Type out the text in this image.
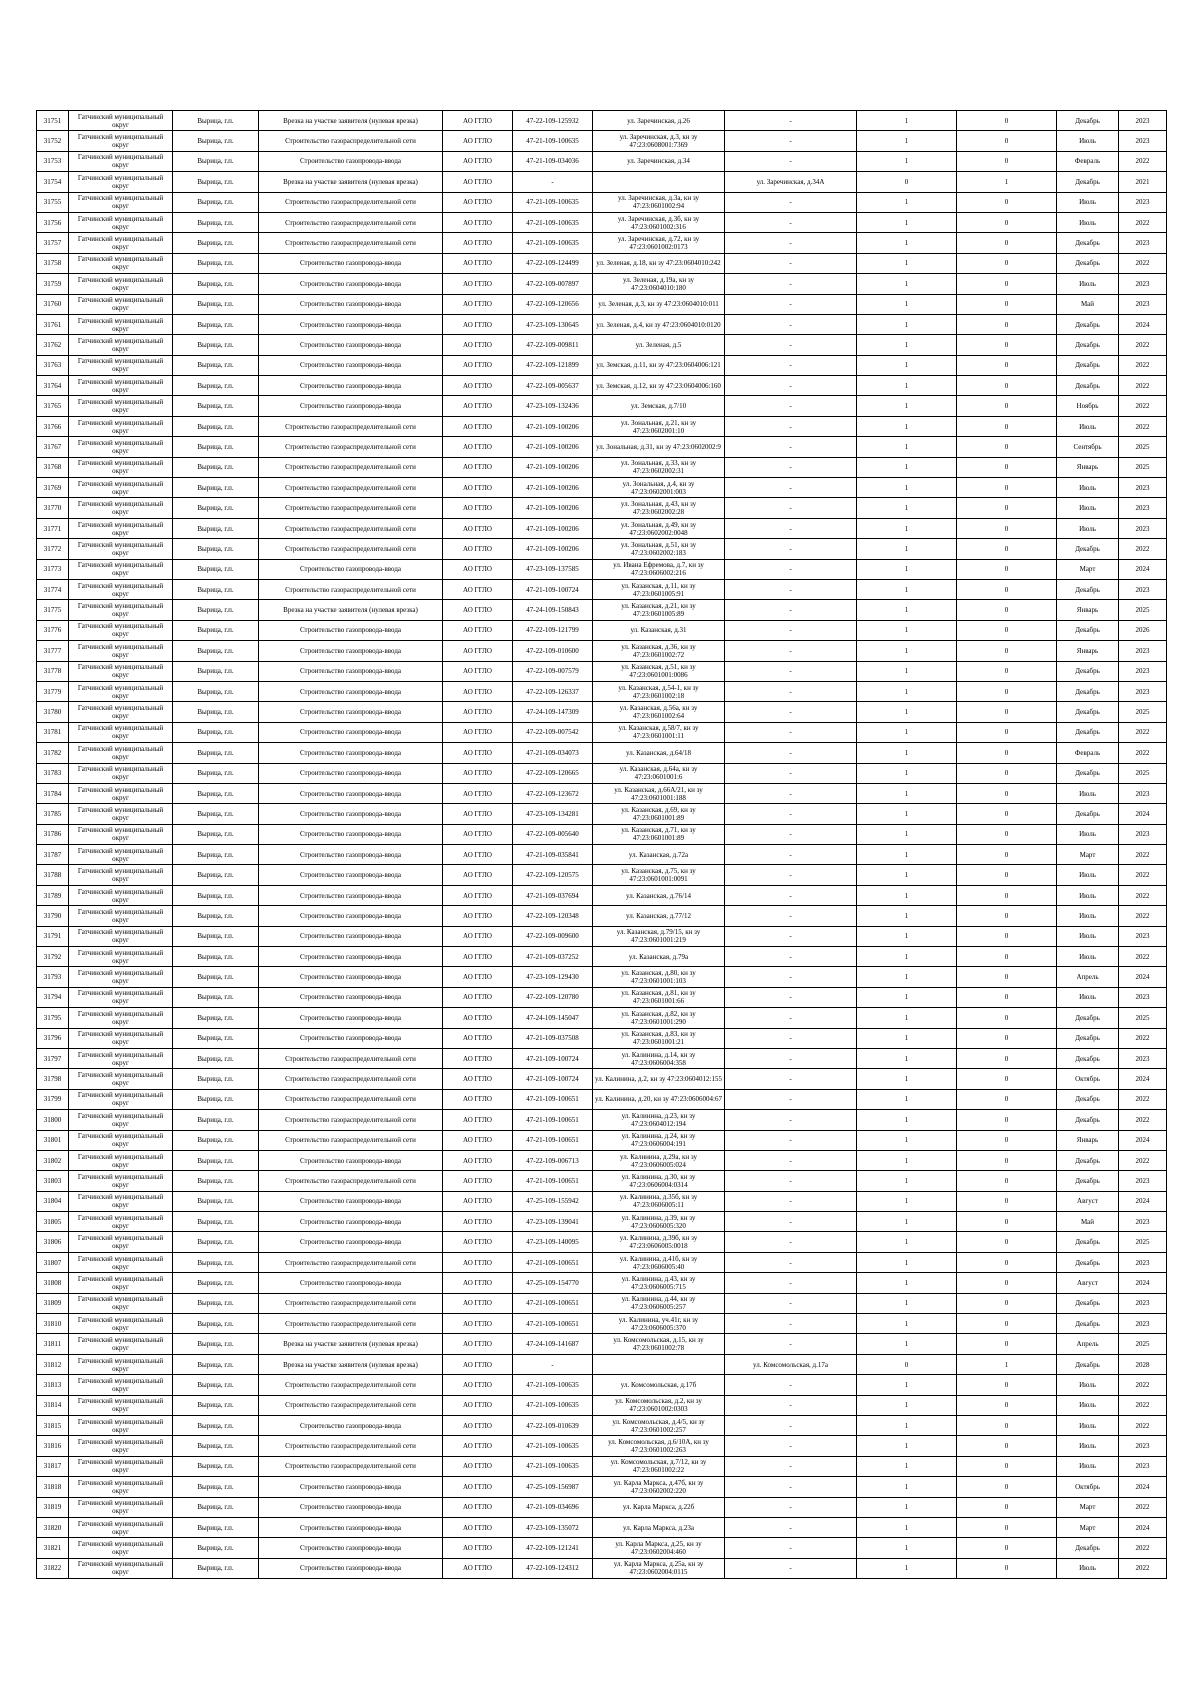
31751	Гатчинский муниципальный округ	Вырица, г.п.	Врезка на участке заявителя (нулевая врезка)	АО ГГЛО	47-22-109-125932	ул. Заречинская, д.26	-	1	0	Декабрь	2023
31752	Гатчинский муниципальный округ	Вырица, г.п.	Строительство газораспределительной сети	АО ГГЛО	47-21-109-100635	ул. Заречинская, д.3, кн зу 47:23:0608001:7369	-	1	0	Июль	2023
31753	Гатчинский муниципальный округ	Вырица, г.п.	Строительство газопровода-ввода	АО ГГЛО	47-21-109-034036	ул. Заречинская, д.34	-	1	0	Февраль	2022
31754	Гатчинский муниципальный округ	Вырица, г.п.	Врезка на участке заявителя (нулевая врезка)	АО ГГЛО	-		ул. Заречинская, д.34А	0	1	Декабрь	2021
31755	Гатчинский муниципальный округ	Вырица, г.п.	Строительство газораспределительной сети	АО ГГЛО	47-21-109-100635	ул. Заречинская, д.3а, кн зу 47:23:0601002:94	-	1	0	Июль	2023
31756	Гатчинский муниципальный округ	Вырица, г.п.	Строительство газораспределительной сети	АО ГГЛО	47-21-109-100635	ул. Заречинская, д.3б, кн зу 47:23:0601002:316	-	1	0	Июль	2022
31757	Гатчинский муниципальный округ	Вырица, г.п.	Строительство газораспределительной сети	АО ГГЛО	47-21-109-100635	ул. Заречинская, д.72, кн зу 47:23:0601002:0173	-	1	0	Декабрь	2023
31758	Гатчинский муниципальный округ	Вырица, г.п.	Строительство газопровода-ввода	АО ГГЛО	47-22-109-124499	ул. Зеленая, д.18, кн зу 47:23:0604010:242	-	1	0	Декабрь	2022
31759	Гатчинский муниципальный округ	Вырица, г.п.	Строительство газопровода-ввода	АО ГГЛО	47-22-109-007897	ул. Зеленая, д.19а, кн зу 47:23:0604010:180	-	1	0	Июль	2023
31760	Гатчинский муниципальный округ	Вырица, г.п.	Строительство газопровода-ввода	АО ГГЛО	47-22-109-120656	ул. Зеленая, д.3, кн зу 47:23:0604010:011	-	1	0	Май	2023
31761	Гатчинский муниципальный округ	Вырица, г.п.	Строительство газопровода-ввода	АО ГГЛО	47-23-109-130645	ул. Зеленая, д.4, кн зу 47:23:0604010:0120	-	1	0	Декабрь	2024
31762	Гатчинский муниципальный округ	Вырица, г.п.	Строительство газопровода-ввода	АО ГГЛО	47-22-109-009811	ул. Зеленая, д.5	-	1	0	Декабрь	2022
31763	Гатчинский муниципальный округ	Вырица, г.п.	Строительство газопровода-ввода	АО ГГЛО	47-22-109-121899	ул. Земская, д.11, кн зу 47:23:0604006:121	-	1	0	Декабрь	2022
31764	Гатчинский муниципальный округ	Вырица, г.п.	Строительство газопровода-ввода	АО ГГЛО	47-22-109-005637	ул. Земская, д.12, кн зу 47:23:0604006:160	-	1	0	Декабрь	2022
31765	Гатчинский муниципальный округ	Вырица, г.п.	Строительство газопровода-ввода	АО ГГЛО	47-23-109-132436	ул. Земская, д.7/10	-	1	0	Ноябрь	2022
31766	Гатчинский муниципальный округ	Вырица, г.п.	Строительство газораспределительной сети	АО ГГЛО	47-21-109-100206	ул. Зональная, д.21, кн зу 47:23:0602001:10	-	1	0	Июль	2022
31767	Гатчинский муниципальный округ	Вырица, г.п.	Строительство газораспределительной сети	АО ГГЛО	47-21-109-100206	ул. Зональная, д.31, кн зу 47:23:0602002:9	-	1	0	Сентябрь	2025
31768	Гатчинский муниципальный округ	Вырица, г.п.	Строительство газораспределительной сети	АО ГГЛО	47-21-109-100206	ул. Зональная, д.33, кн зу 47:23:0602002:31	-	1	0	Январь	2025
31769	Гатчинский муниципальный округ	Вырица, г.п.	Строительство газораспределительной сети	АО ГГЛО	47-21-109-100206	ул. Зональная, д.4, кн зу 47:23:0602001:003	-	1	0	Июль	2023
31770	Гатчинский муниципальный округ	Вырица, г.п.	Строительство газораспределительной сети	АО ГГЛО	47-21-109-100206	ул. Зональная, д.43, кн зу 47:23:0602002:28	-	1	0	Июль	2023
31771	Гатчинский муниципальный округ	Вырица, г.п.	Строительство газораспределительной сети	АО ГГЛО	47-21-109-100206	ул. Зональная, д.49, кн зу 47:23:0602002:0048	-	1	0	Июль	2023
31772	Гатчинский муниципальный округ	Вырица, г.п.	Строительство газораспределительной сети	АО ГГЛО	47-21-109-100206	ул. Зональная, д.51, кн зу 47:23:0602002:183	-	1	0	Декабрь	2022
31773	Гатчинский муниципальный округ	Вырица, г.п.	Строительство газопровода-ввода	АО ГГЛО	47-23-109-137585	ул. Ивана Ефремова, д.7, кн зу 47:23:0606002:216	-	1	0	Март	2024
31774	Гатчинский муниципальный округ	Вырица, г.п.	Строительство газораспределительной сети	АО ГГЛО	47-21-109-100724	ул. Казанская, д.11, кн зу 47:23:0601005:91	-	1	0	Декабрь	2023
31775	Гатчинский муниципальный округ	Вырица, г.п.	Врезка на участке заявителя (нулевая врезка)	АО ГГЛО	47-24-109-150843	ул. Казанская, д.21, кн зу 47:23:0601005:89	-	1	0	Январь	2025
31776	Гатчинский муниципальный округ	Вырица, г.п.	Строительство газопровода-ввода	АО ГГЛО	47-22-109-121799	ул. Казанская, д.31	-	1	0	Декабрь	2026
31777	Гатчинский муниципальный округ	Вырица, г.п.	Строительство газопровода-ввода	АО ГГЛО	47-22-109-010600	ул. Казанская, д.36, кн зу 47:23:0601002:72	-	1	0	Январь	2023
31778	Гатчинский муниципальный округ	Вырица, г.п.	Строительство газопровода-ввода	АО ГГЛО	47-22-109-007579	ул. Казанская, д.51, кн зу 47:23:0601001:0086	-	1	0	Декабрь	2023
31779	Гатчинский муниципальный округ	Вырица, г.п.	Строительство газопровода-ввода	АО ГГЛО	47-22-109-126337	ул. Казанская, д.54-1, кн зу 47:23:0601002:18	-	1	0	Декабрь	2023
31780	Гатчинский муниципальный округ	Вырица, г.п.	Строительство газопровода-ввода	АО ГГЛО	47-24-109-147309	ул. Казанская, д.56а, кн зу 47:23:0601002:64	-	1	0	Декабрь	2025
31781	Гатчинский муниципальный округ	Вырица, г.п.	Строительство газопровода-ввода	АО ГГЛО	47-22-109-007542	ул. Казанская, д.58/7, кн зу 47:23:0601001:11	-	1	0	Декабрь	2022
31782	Гатчинский муниципальный округ	Вырица, г.п.	Строительство газопровода-ввода	АО ГГЛО	47-21-109-034073	ул. Казанская, д.64/18	-	1	0	Февраль	2022
31783	Гатчинский муниципальный округ	Вырица, г.п.	Строительство газопровода-ввода	АО ГГЛО	47-22-109-120665	ул. Казанская, д.64а, кн зу 47:23:0601001:6	-	1	0	Декабрь	2025
31784	Гатчинский муниципальный округ	Вырица, г.п.	Строительство газопровода-ввода	АО ГГЛО	47-22-109-123672	ул. Казанская, д.66А/21, кн зу 47:23:0601001:188	-	1	0	Июль	2023
31785	Гатчинский муниципальный округ	Вырица, г.п.	Строительство газопровода-ввода	АО ГГЛО	47-23-109-134281	ул. Казанская, д.69, кн зу 47:23:0601001:89	-	1	0	Декабрь	2024
31786	Гатчинский муниципальный округ	Вырица, г.п.	Строительство газопровода-ввода	АО ГГЛО	47-22-109-005640	ул. Казанская, д.71, кн зу 47:23:0601001:89	-	1	0	Июль	2023
31787	Гатчинский муниципальный округ	Вырица, г.п.	Строительство газопровода-ввода	АО ГГЛО	47-21-109-035841	ул. Казанская, д.72а	-	1	0	Март	2022
31788	Гатчинский муниципальный округ	Вырица, г.п.	Строительство газопровода-ввода	АО ГГЛО	47-22-109-120575	ул. Казанская, д.75, кн зу 47:23:0601001:0091	-	1	0	Июль	2022
31789	Гатчинский муниципальный округ	Вырица, г.п.	Строительство газопровода-ввода	АО ГГЛО	47-21-109-037694	ул. Казанская, д.76/14	-	1	0	Июль	2022
31790	Гатчинский муниципальный округ	Вырица, г.п.	Строительство газопровода-ввода	АО ГГЛО	47-22-109-120348	ул. Казанская, д.77/12	-	1	0	Июль	2022
31791	Гатчинский муниципальный округ	Вырица, г.п.	Строительство газопровода-ввода	АО ГГЛО	47-22-109-009600	ул. Казанская, д.79/15, кн зу 47:23:0601001:219	-	1	0	Июль	2023
31792	Гатчинский муниципальный округ	Вырица, г.п.	Строительство газопровода-ввода	АО ГГЛО	47-21-109-037252	ул. Казанская, д.79а	-	1	0	Июль	2022
31793	Гатчинский муниципальный округ	Вырица, г.п.	Строительство газопровода-ввода	АО ГГЛО	47-23-109-129430	ул. Казанская, д.80, кн зу 47:23:0601001:103	-	1	0	Апрель	2024
31794	Гатчинский муниципальный округ	Вырица, г.п.	Строительство газопровода-ввода	АО ГГЛО	47-22-109-120780	ул. Казанская, д.81, кн зу 47:23:0601001:66	-	1	0	Июль	2023
31795	Гатчинский муниципальный округ	Вырица, г.п.	Строительство газопровода-ввода	АО ГГЛО	47-24-109-145047	ул. Казанская, д.82, кн зу 47:23:0601001:290	-	1	0	Декабрь	2025
31796	Гатчинский муниципальный округ	Вырица, г.п.	Строительство газопровода-ввода	АО ГГЛО	47-21-109-037508	ул. Казанская, д.83, кн зу 47:23:0601001:21	-	1	0	Декабрь	2022
31797	Гатчинский муниципальный округ	Вырица, г.п.	Строительство газораспределительной сети	АО ГГЛО	47-21-109-100724	ул. Калинина, д.14, кн зу 47:23:0606004:358	-	1	0	Декабрь	2023
31798	Гатчинский муниципальный округ	Вырица, г.п.	Строительство газораспределительной сети	АО ГГЛО	47-21-109-100724	ул. Калинина, д.2, кн зу 47:23:0604012:155	-	1	0	Октябрь	2024
31799	Гатчинский муниципальный округ	Вырица, г.п.	Строительство газораспределительной сети	АО ГГЛО	47-21-109-100651	ул. Калинина, д.20, кн зу 47:23:0606004:67	-	1	0	Декабрь	2022
31800	Гатчинский муниципальный округ	Вырица, г.п.	Строительство газораспределительной сети	АО ГГЛО	47-21-109-100651	ул. Калинина, д.23, кн зу 47:23:0604012:194	-	1	0	Декабрь	2022
31801	Гатчинский муниципальный округ	Вырица, г.п.	Строительство газораспределительной сети	АО ГГЛО	47-21-109-100651	ул. Калинина, д.24, кн зу 47:23:0606004:191	-	1	0	Январь	2024
31802	Гатчинский муниципальный округ	Вырица, г.п.	Строительство газопровода-ввода	АО ГГЛО	47-22-109-006713	ул. Калинина, д.29а, кн зу 47:23:0606005:024	-	1	0	Декабрь	2022
31803	Гатчинский муниципальный округ	Вырица, г.п.	Строительство газораспределительной сети	АО ГГЛО	47-21-109-100651	ул. Калинина, д.30, кн зу 47:23:0606004:0314	-	1	0	Декабрь	2023
31804	Гатчинский муниципальный округ	Вырица, г.п.	Строительство газопровода-ввода	АО ГГЛО	47-25-109-155942	ул. Калинина, д.35б, кн зу 47:23:0606005:11	-	1	0	Август	2024
31805	Гатчинский муниципальный округ	Вырица, г.п.	Строительство газопровода-ввода	АО ГГЛО	47-23-109-139041	ул. Калинина, д.39, кн зу 47:23:0606005:320	-	1	0	Май	2023
31806	Гатчинский муниципальный округ	Вырица, г.п.	Строительство газопровода-ввода	АО ГГЛО	47-23-109-140095	ул. Калинина, д.39б, кн зу 47:23:0606005:0018	-	1	0	Декабрь	2025
31807	Гатчинский муниципальный округ	Вырица, г.п.	Строительство газораспределительной сети	АО ГГЛО	47-21-109-100651	ул. Калинина, д.41б, кн зу 47:23:0606005:40	-	1	0	Декабрь	2023
31808	Гатчинский муниципальный округ	Вырица, г.п.	Строительство газопровода-ввода	АО ГГЛО	47-25-109-154770	ул. Калинина, д.43, кн зу 47:23:0606005:715	-	1	0	Август	2024
31809	Гатчинский муниципальный округ	Вырица, г.п.	Строительство газораспределительной сети	АО ГГЛО	47-21-109-100651	ул. Калинина, д.44, кн зу 47:23:0606005:257	-	1	0	Декабрь	2023
31810	Гатчинский муниципальный округ	Вырица, г.п.	Строительство газораспределительной сети	АО ГГЛО	47-21-109-100651	ул. Калинина, уч.41г, кн зу 47:23:0606005:370	-	1	0	Декабрь	2023
31811	Гатчинский муниципальный округ	Вырица, г.п.	Врезка на участке заявителя (нулевая врезка)	АО ГГЛО	47-24-109-141687	ул. Комсомольская, д.15, кн зу 47:23:0601002:78	-	1	0	Апрель	2025
31812	Гатчинский муниципальный округ	Вырица, г.п.	Врезка на участке заявителя (нулевая врезка)	АО ГГЛО	-		ул. Комсомольская, д.17а	0	1	Декабрь	2028
31813	Гатчинский муниципальный округ	Вырица, г.п.	Строительство газораспределительной сети	АО ГГЛО	47-21-109-100635	ул. Комсомольская, д.17б	-	1	0	Июль	2022
31814	Гатчинский муниципальный округ	Вырица, г.п.	Строительство газораспределительной сети	АО ГГЛО	47-21-109-100635	ул. Комсомольская, д.2, кн зу 47:23:0601002:0303	-	1	0	Июль	2022
31815	Гатчинский муниципальный округ	Вырица, г.п.	Строительство газопровода-ввода	АО ГГЛО	47-22-109-010639	ул. Комсомольская, д.4/5, кн зу 47:23:0601002:257	-	1	0	Июль	2022
31816	Гатчинский муниципальный округ	Вырица, г.п.	Строительство газораспределительной сети	АО ГГЛО	47-21-109-100635	ул. Комсомольская, д.6/10А, кн зу 47:23:0601002:263	-	1	0	Июль	2023
31817	Гатчинский муниципальный округ	Вырица, г.п.	Строительство газораспределительной сети	АО ГГЛО	47-21-109-100635	ул. Комсомольская, д.7/12, кн зу 47:23:0601002:22	-	1	0	Июль	2023
31818	Гатчинский муниципальный округ	Вырица, г.п.	Строительство газопровода-ввода	АО ГГЛО	47-25-109-156987	ул. Карла Маркса, д.47б, кн зу 47:23:0602002:220	-	1	0	Октябрь	2024
31819	Гатчинский муниципальный округ	Вырица, г.п.	Строительство газопровода-ввода	АО ГГЛО	47-21-109-034696	ул. Карла Маркса, д.22б	-	1	0	Март	2022
31820	Гатчинский муниципальный округ	Вырица, г.п.	Строительство газопровода-ввода	АО ГГЛО	47-23-109-135072	ул. Карла Маркса, д.23а	-	1	0	Март	2024
31821	Гатчинский муниципальный округ	Вырица, г.п.	Строительство газопровода-ввода	АО ГГЛО	47-22-109-121241	ул. Карла Маркса, д.25, кн зу 47:23:0602004:460	-	1	0	Декабрь	2022
31822	Гатчинский муниципальный округ	Вырица, г.п.	Строительство газопровода-ввода	АО ГГЛО	47-22-109-124312	ул. Карла Маркса, д.25а, кн зу 47:23:0602004:0115	-	1	0	Июль	2022
